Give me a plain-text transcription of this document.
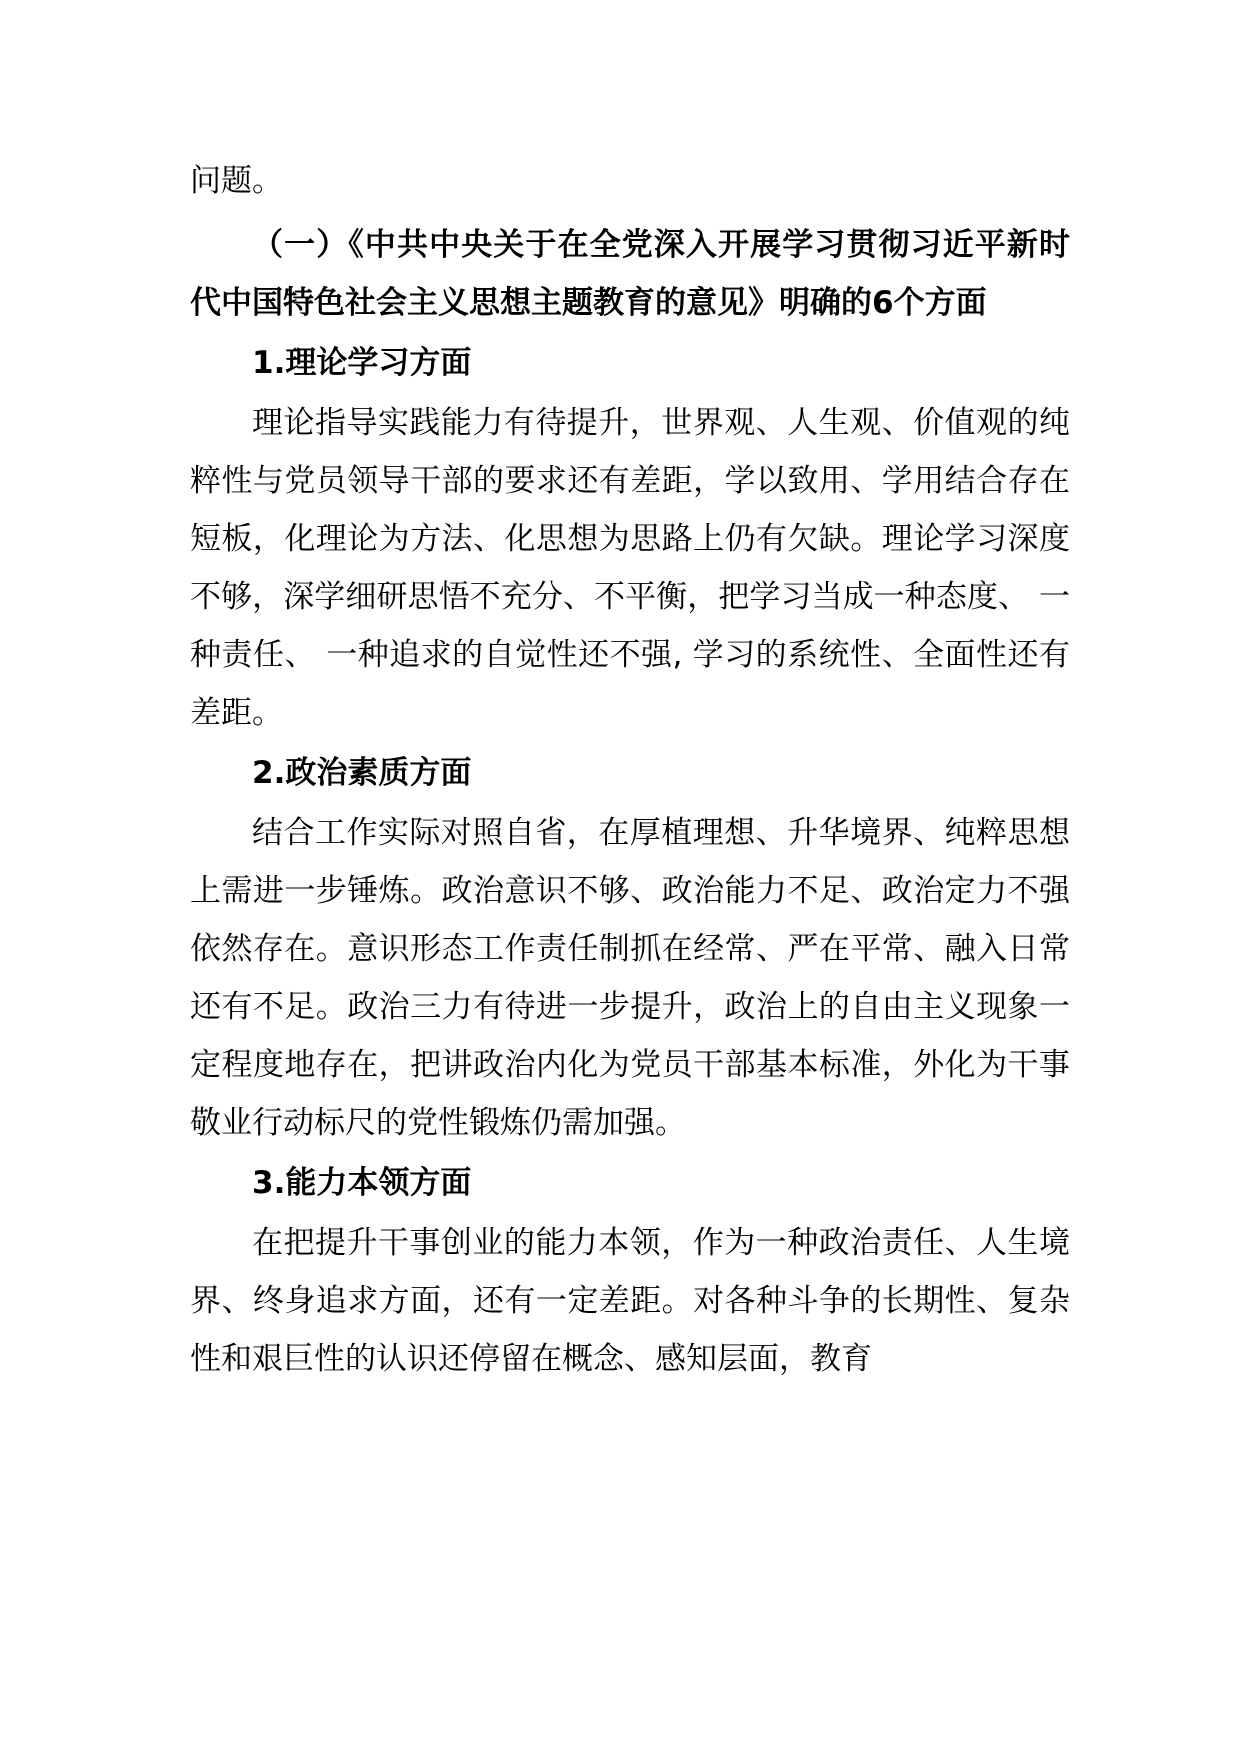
问题。

（一）《中共中央关于在全党深入开展学习贯彻习近平新时代中国特色社会主义思想主题教育的意见》明确的6个方面

1.理论学习方面

理论指导实践能力有待提升，世界观、人生观、价值观的纯粹性与党员领导干部的要求还有差距，学以致用、学用结合存在短板，化理论为方法、化思想为思路上仍有欠缺。理论学习深度不够，深学细研思悟不充分、不平衡，把学习当成一种态度、 一种责任、 一种追求的自觉性还不强, 学习的系统性、全面性还有差距。

2.政治素质方面

结合工作实际对照自省，在厚植理想、升华境界、纯粹思想上需进一步锤炼。政治意识不够、政治能力不足、政治定力不强依然存在。意识形态工作责任制抓在经常、严在平常、融入日常还有不足。政治三力有待进一步提升，政治上的自由主义现象一定程度地存在，把讲政治内化为党员干部基本标准，外化为干事敬业行动标尺的党性锻炼仍需加强。

3.能力本领方面

在把提升干事创业的能力本领，作为一种政治责任、人生境界、终身追求方面，还有一定差距。对各种斗争的长期性、复杂性和艰巨性的认识还停留在概念、感知层面，教育
